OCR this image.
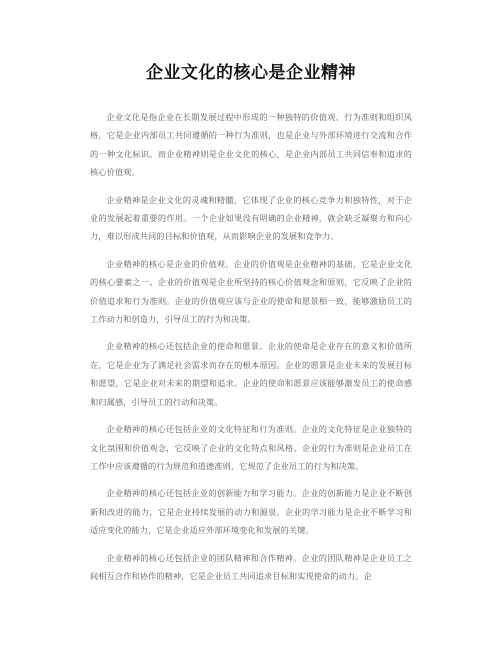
企业文化的核心是企业精神

企业文化是指企业在长期发展过程中形成的一种独特的价值观、行为准则和组织风格，它是企业内部员工共同遵循的一种行为准则，也是企业与外部环境进行交流和合作的一种文化标识。而企业精神则是企业文化的核心，是企业内部员工共同信奉和追求的核心价值观。

企业精神是企业文化的灵魂和精髓，它体现了企业的核心竞争力和独特性，对于企业的发展起着重要的作用。一个企业如果没有明确的企业精神，就会缺乏凝聚力和向心力，难以形成共同的目标和价值观，从而影响企业的发展和竞争力。

企业精神的核心是企业的价值观。企业的价值观是企业精神的基础，它是企业文化的核心要素之一。企业的价值观是企业所坚持的核心价值观念和原则，它反映了企业的价值追求和行为准则。企业的价值观应该与企业的使命和愿景相一致，能够激励员工的工作动力和创造力，引导员工的行为和决策。

企业精神的核心还包括企业的使命和愿景。企业的使命是企业存在的意义和价值所在，它是企业为了满足社会需求而存在的根本原因。企业的愿景是企业未来的发展目标和愿望，它是企业对未来的期望和追求。企业的使命和愿景应该能够激发员工的使命感和归属感，引导员工的行动和决策。

企业精神的核心还包括企业的文化特征和行为准则。企业的文化特征是企业独特的文化氛围和价值观念，它反映了企业的文化特点和风格。企业的行为准则是企业员工在工作中应该遵循的行为规范和道德准则，它规范了企业员工的行为和决策。

企业精神的核心还包括企业的创新能力和学习能力。企业的创新能力是企业不断创新和改进的能力，它是企业持续发展的动力和源泉。企业的学习能力是企业不断学习和适应变化的能力，它是企业适应外部环境变化和发展的关键。

企业精神的核心还包括企业的团队精神和合作精神。企业的团队精神是企业员工之间相互合作和协作的精神，它是企业员工共同追求目标和实现使命的动力。企
